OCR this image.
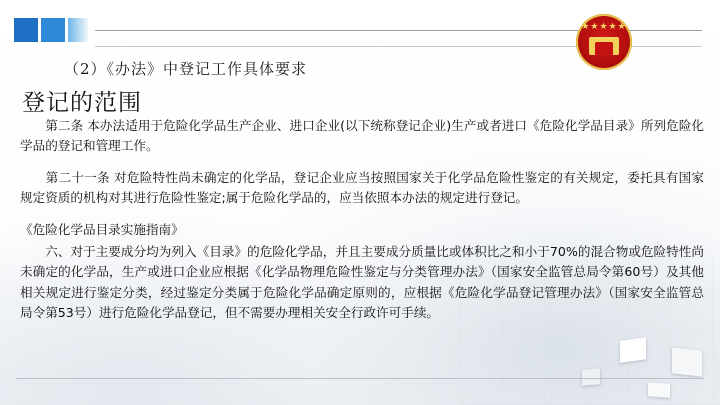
★★★★★
（2）《办法》中登记工作具体要求
登记的范围
　　第二条 本办法适用于危险化学品生产企业、进口企业(以下统称登记企业)生产或者进口《危险化学品目录》所列危险化学品的登记和管理工作。
　　第二十一条 对危险特性尚未确定的化学品，登记企业应当按照国家关于化学品危险性鉴定的有关规定，委托具有国家规定资质的机构对其进行危险性鉴定;属于危险化学品的，应当依照本办法的规定进行登记。
《危险化学品目录实施指南》
　　六、对于主要成分均为列入《目录》的危险化学品，并且主要成分质量比或体积比之和小于70%的混合物或危险特性尚未确定的化学品，生产或进口企业应根据《化学品物理危险性鉴定与分类管理办法》（国家安全监管总局令第60号）及其他相关规定进行鉴定分类，经过鉴定分类属于危险化学品确定原则的，应根据《危险化学品登记管理办法》（国家安全监管总局令第53号）进行危险化学品登记，但不需要办理相关安全行政许可手续。
